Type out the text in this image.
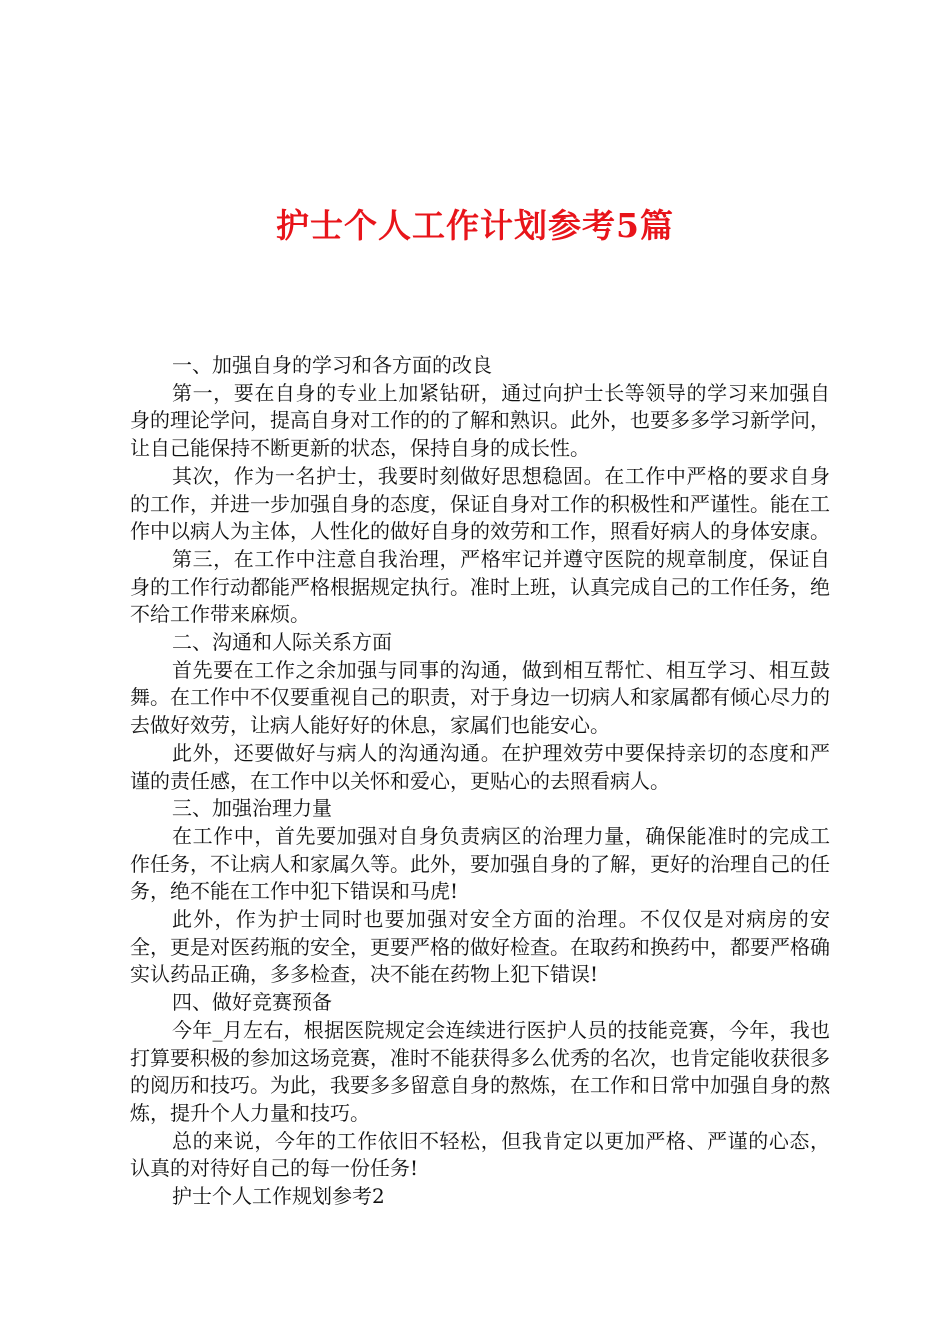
护士个人工作计划参考5篇

一、加强自身的学习和各方面的改良

第一，要在自身的专业上加紧钻研，通过向护士长等领导的学习来加强自身的理论学问，提高自身对工作的的了解和熟识。此外，也要多多学习新学问，让自己能保持不断更新的状态，保持自身的成长性。

其次，作为一名护士，我要时刻做好思想稳固。在工作中严格的要求自身的工作，并进一步加强自身的态度，保证自身对工作的积极性和严谨性。能在工作中以病人为主体，人性化的做好自身的效劳和工作，照看好病人的身体安康。

第三，在工作中注意自我治理，严格牢记并遵守医院的规章制度，保证自身的工作行动都能严格根据规定执行。准时上班，认真完成自己的工作任务，绝不给工作带来麻烦。

二、沟通和人际关系方面

首先要在工作之余加强与同事的沟通，做到相互帮忙、相互学习、相互鼓舞。在工作中不仅要重视自己的职责，对于身边一切病人和家属都有倾心尽力的去做好效劳，让病人能好好的休息，家属们也能安心。

此外，还要做好与病人的沟通沟通。在护理效劳中要保持亲切的态度和严谨的责任感，在工作中以关怀和爱心，更贴心的去照看病人。

三、加强治理力量

在工作中，首先要加强对自身负责病区的治理力量，确保能准时的完成工作任务，不让病人和家属久等。此外，要加强自身的了解，更好的治理自己的任务，绝不能在工作中犯下错误和马虎!

此外，作为护士同时也要加强对安全方面的治理。不仅仅是对病房的安全，更是对医药瓶的安全，更要严格的做好检查。在取药和换药中，都要严格确实认药品正确，多多检查，决不能在药物上犯下错误!

四、做好竞赛预备

今年_月左右，根据医院规定会连续进行医护人员的技能竞赛，今年，我也打算要积极的参加这场竞赛，准时不能获得多么优秀的名次，也肯定能收获很多的阅历和技巧。为此，我要多多留意自身的熬炼，在工作和日常中加强自身的熬炼，提升个人力量和技巧。

总的来说，今年的工作依旧不轻松，但我肯定以更加严格、严谨的心态，认真的对待好自己的每一份任务!

护士个人工作规划参考2
